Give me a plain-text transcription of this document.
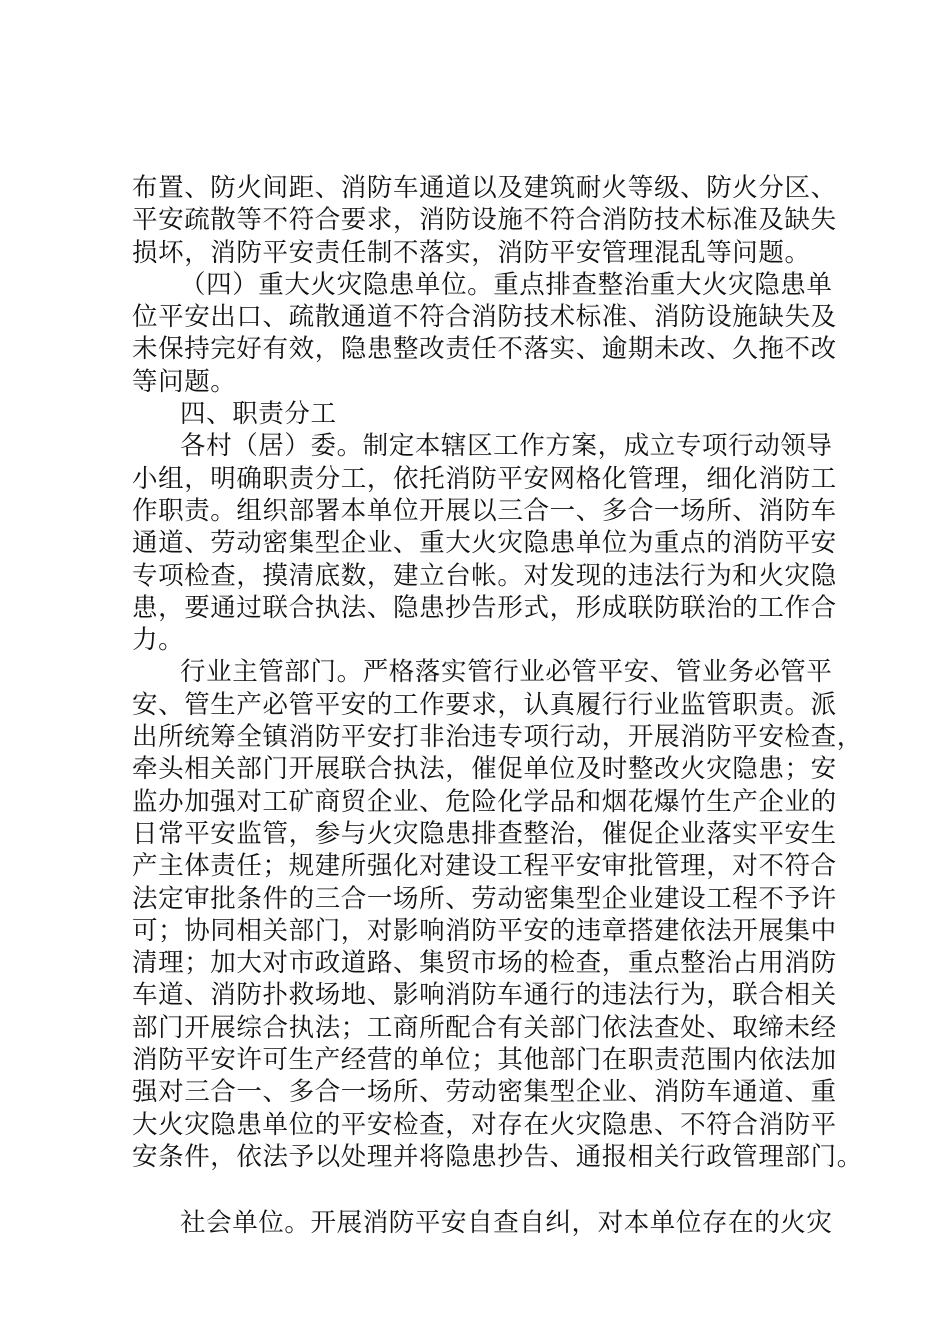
布置、防火间距、消防车通道以及建筑耐火等级、防火分区、
平安疏散等不符合要求，消防设施不符合消防技术标准及缺失
损坏，消防平安责任制不落实，消防平安管理混乱等问题。
（四）重大火灾隐患单位。重点排查整治重大火灾隐患单
位平安出口、疏散通道不符合消防技术标准、消防设施缺失及
未保持完好有效，隐患整改责任不落实、逾期未改、久拖不改
等问题。
四、职责分工
各村（居）委。制定本辖区工作方案，成立专项行动领导
小组，明确职责分工，依托消防平安网格化管理，细化消防工
作职责。组织部署本单位开展以三合一、多合一场所、消防车
通道、劳动密集型企业、重大火灾隐患单位为重点的消防平安
专项检查，摸清底数，建立台帐。对发现的违法行为和火灾隐
患，要通过联合执法、隐患抄告形式，形成联防联治的工作合
力。
行业主管部门。严格落实管行业必管平安、管业务必管平
安、管生产必管平安的工作要求，认真履行行业监管职责。派
出所统筹全镇消防平安打非治违专项行动，开展消防平安检查，
牵头相关部门开展联合执法，催促单位及时整改火灾隐患；安
监办加强对工矿商贸企业、危险化学品和烟花爆竹生产企业的
日常平安监管，参与火灾隐患排查整治，催促企业落实平安生
产主体责任；规建所强化对建设工程平安审批管理，对不符合
法定审批条件的三合一场所、劳动密集型企业建设工程不予许
可；协同相关部门，对影响消防平安的违章搭建依法开展集中
清理；加大对市政道路、集贸市场的检查，重点整治占用消防
车道、消防扑救场地、影响消防车通行的违法行为，联合相关
部门开展综合执法；工商所配合有关部门依法查处、取缔未经
消防平安许可生产经营的单位；其他部门在职责范围内依法加
强对三合一、多合一场所、劳动密集型企业、消防车通道、重
大火灾隐患单位的平安检查，对存在火灾隐患、不符合消防平
安条件，依法予以处理并将隐患抄告、通报相关行政管理部门。
社会单位。开展消防平安自查自纠，对本单位存在的火灾
